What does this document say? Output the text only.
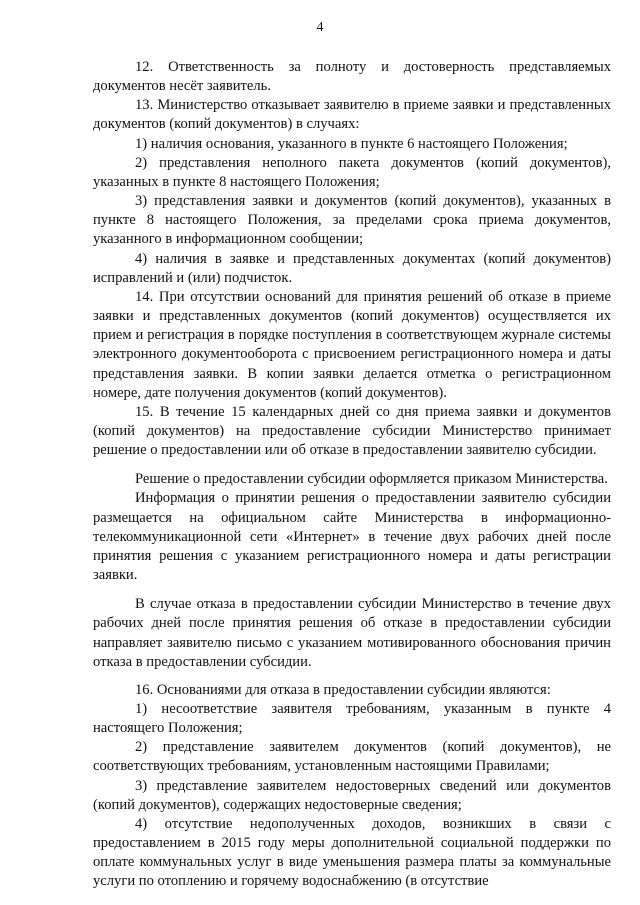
4

12. Ответственность за полноту и достоверность представляемых документов несёт заявитель.

13. Министерство отказывает заявителю в приеме заявки и представленных документов (копий документов) в случаях:

1) наличия основания, указанного в пункте 6 настоящего Положения;

2) представления неполного пакета документов (копий документов), указанных в пункте 8 настоящего Положения;

3) представления заявки и документов (копий документов), указанных в пункте 8 настоящего Положения, за пределами срока приема документов, указанного в информационном сообщении;

4) наличия в заявке и представленных документах (копий документов) исправлений и (или) подчисток.

14. При отсутствии оснований для принятия решений об отказе в приеме заявки и представленных документов (копий документов) осуществляется их прием и регистрация в порядке поступления в соответствующем журнале системы электронного документооборота с присвоением регистрационного номера и даты представления заявки. В копии заявки делается отметка о регистрационном номере, дате получения документов (копий документов).

15. В течение 15 календарных дней со дня приема заявки и документов (копий документов) на предоставление субсидии Министерство принимает решение о предоставлении или об отказе в предоставлении заявителю субсидии.

Решение о предоставлении субсидии оформляется приказом Министерства.

Информация о принятии решения о предоставлении заявителю субсидии размещается на официальном сайте Министерства в информационно-телекоммуникационной сети «Интернет» в течение двух рабочих дней после принятия решения с указанием регистрационного номера и даты регистрации заявки.

В случае отказа в предоставлении субсидии Министерство в течение двух рабочих дней после принятия решения об отказе в предоставлении субсидии направляет заявителю письмо с указанием мотивированного обоснования причин отказа в предоставлении субсидии.

16. Основаниями для отказа в предоставлении субсидии являются:

1) несоответствие заявителя требованиям, указанным в пункте 4 настоящего Положения;

2) представление заявителем документов (копий документов), не соответствующих требованиям, установленным настоящими Правилами;

3) представление заявителем недостоверных сведений или документов (копий документов), содержащих недостоверные сведения;

4) отсутствие недополученных доходов, возникших в связи с предоставлением в 2015 году меры дополнительной социальной поддержки по оплате коммунальных услуг в виде уменьшения размера платы за коммунальные услуги по отоплению и горячему водоснабжению (в отсутствие
